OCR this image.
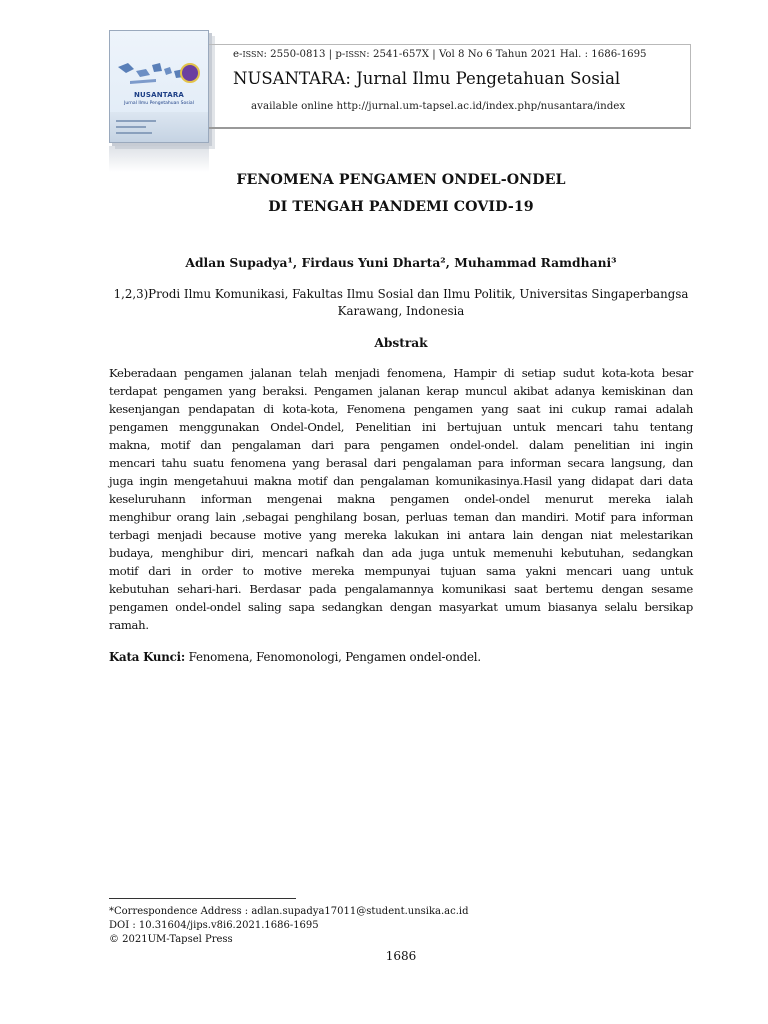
NUSANTARA
Jurnal Ilmu Pengetahuan Sosial
e-ISSN: 2550-0813 | p-ISSN: 2541-657X | Vol 8 No 6 Tahun 2021 Hal. : 1686-1695
NUSANTARA: Jurnal Ilmu Pengetahuan Sosial
available online http://jurnal.um-tapsel.ac.id/index.php/nusantara/index
FENOMENA PENGAMEN ONDEL-ONDEL
DI TENGAH PANDEMI COVID-19
Adlan Supadya¹, Firdaus Yuni Dharta², Muhammad Ramdhani³
1,2,3)Prodi Ilmu Komunikasi, Fakultas Ilmu Sosial dan Ilmu Politik, Universitas Singaperbangsa
Karawang, Indonesia
Abstrak
Keberadaan pengamen jalanan telah menjadi fenomena, Hampir di setiap sudut kota-kota besar
terdapat pengamen yang beraksi. Pengamen jalanan kerap muncul akibat adanya kemiskinan dan
kesenjangan pendapatan di kota-kota, Fenomena pengamen yang saat ini cukup ramai adalah
pengamen menggunakan Ondel-Ondel, Penelitian ini bertujuan untuk mencari tahu tentang
makna, motif dan pengalaman dari para pengamen ondel-ondel. dalam penelitian ini ingin
mencari tahu suatu fenomena yang berasal dari pengalaman para informan secara langsung, dan
juga ingin mengetahuui makna motif dan pengalaman komunikasinya.Hasil yang didapat dari data
keseluruhann informan mengenai makna pengamen ondel-ondel menurut mereka ialah
menghibur orang lain ,sebagai penghilang bosan, perluas teman dan mandiri. Motif para informan
terbagi menjadi because motive yang mereka lakukan ini antara lain dengan niat melestarikan
budaya, menghibur diri, mencari nafkah dan ada juga untuk memenuhi kebutuhan, sedangkan
motif dari in order to motive mereka mempunyai tujuan sama yakni mencari uang untuk
kebutuhan sehari-hari. Berdasar pada pengalamannya komunikasi saat bertemu dengan sesame
pengamen ondel-ondel saling sapa sedangkan dengan masyarkat umum biasanya selalu bersikap
ramah.
Kata Kunci: Fenomena, Fenomonologi, Pengamen ondel-ondel.
*Correspondence Address : adlan.supadya17011@student.unsika.ac.id
DOI : 10.31604/jips.v8i6.2021.1686-1695
© 2021UM-Tapsel Press
1686
